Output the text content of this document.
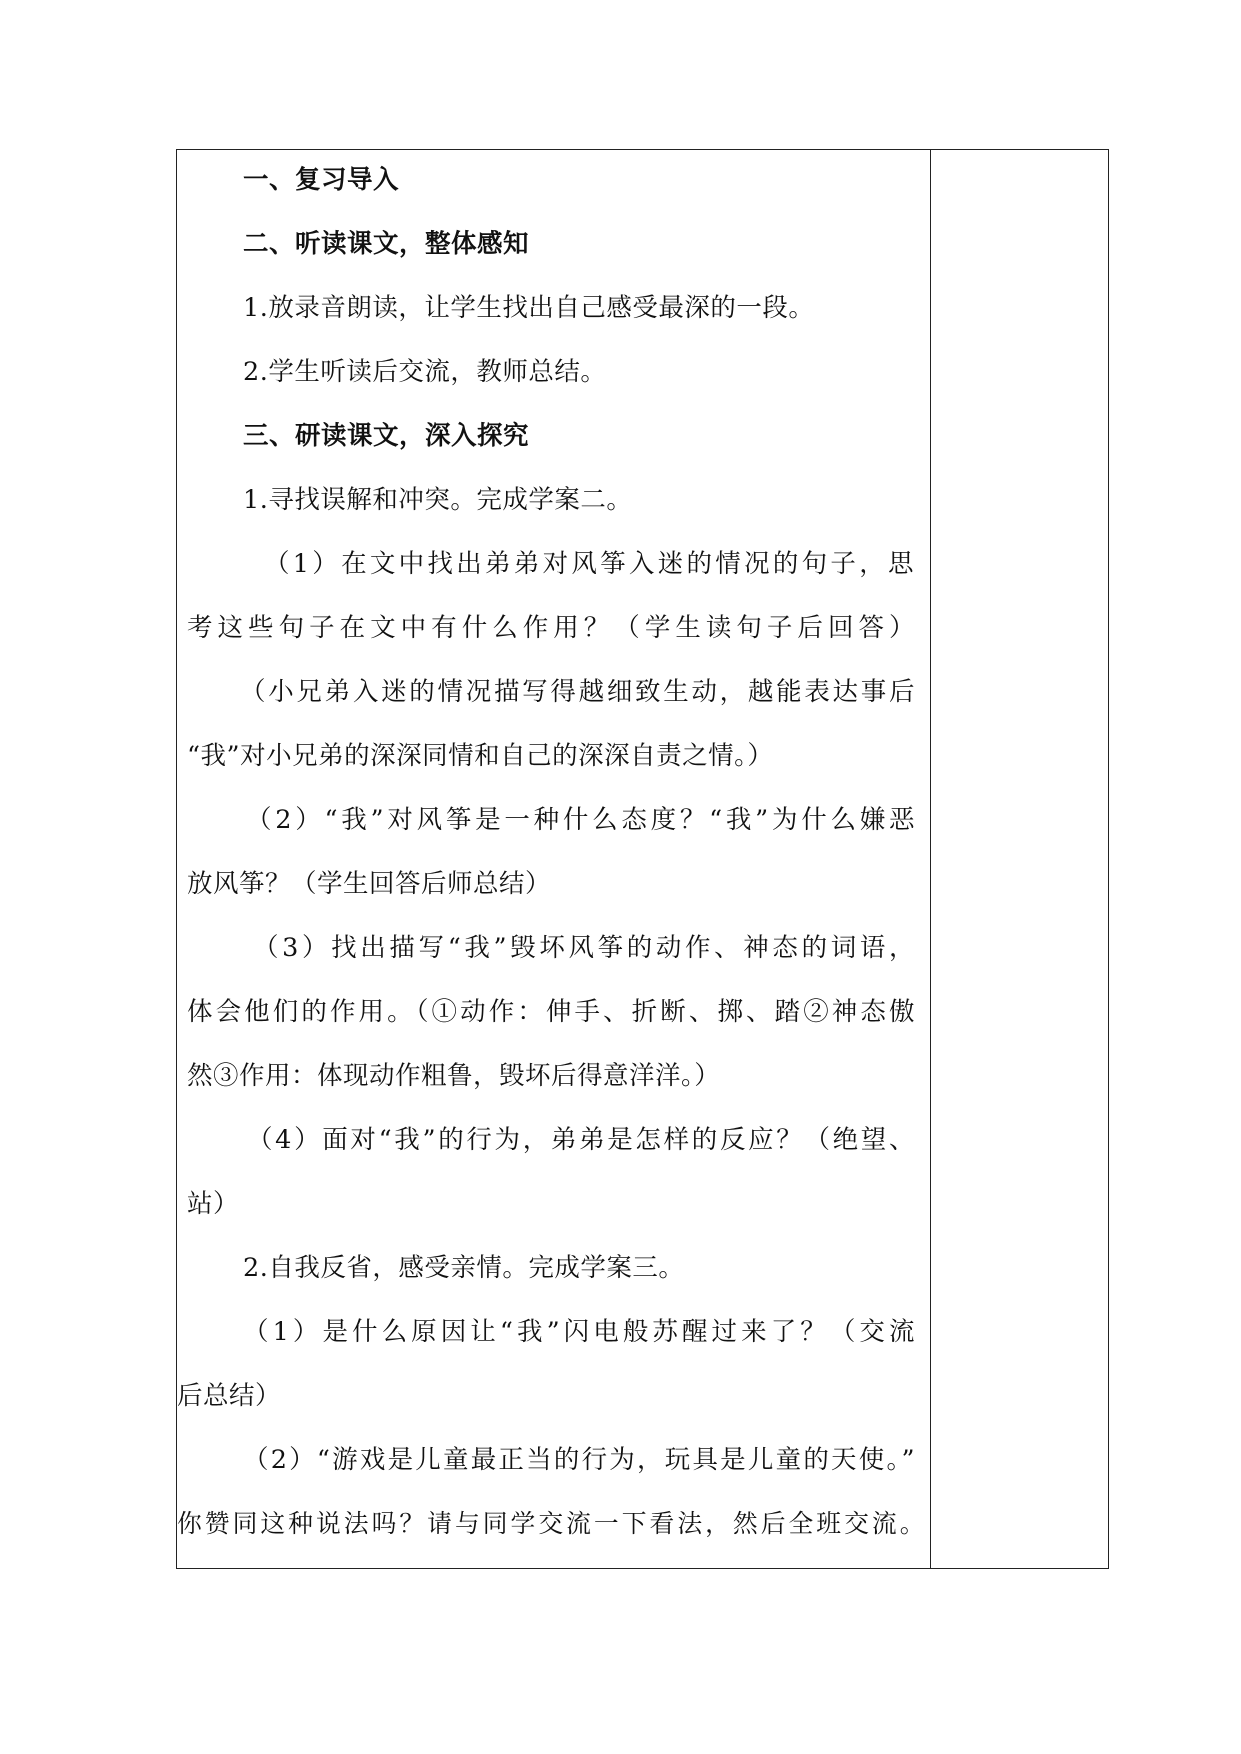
一、复习导入
二、听读课文，整体感知
1.放录音朗读，让学生找出自己感受最深的一段。
2.学生听读后交流，教师总结。
三、研读课文，深入探究
1.寻找误解和冲突。完成学案二。
（1）在文中找出弟弟对风筝入迷的情况的句子，思
考这些句子在文中有什么作用？（学生读句子后回答）
（小兄弟入迷的情况描写得越细致生动，越能表达事后
“我”对小兄弟的深深同情和自己的深深自责之情。）
（2）“我”对风筝是一种什么态度？“我”为什么嫌恶
放风筝？（学生回答后师总结）
（3）找出描写“我”毁坏风筝的动作、神态的词语，
体会他们的作用。（①动作：伸手、折断、掷、踏②神态傲
然③作用：体现动作粗鲁，毁坏后得意洋洋。）
（4）面对“我”的行为，弟弟是怎样的反应？（绝望、
站）
2.自我反省，感受亲情。完成学案三。
（1）是什么原因让“我”闪电般苏醒过来了？（交流
后总结）
（2）“游戏是儿童最正当的行为，玩具是儿童的天使。”
你赞同这种说法吗？请与同学交流一下看法，然后全班交流。
